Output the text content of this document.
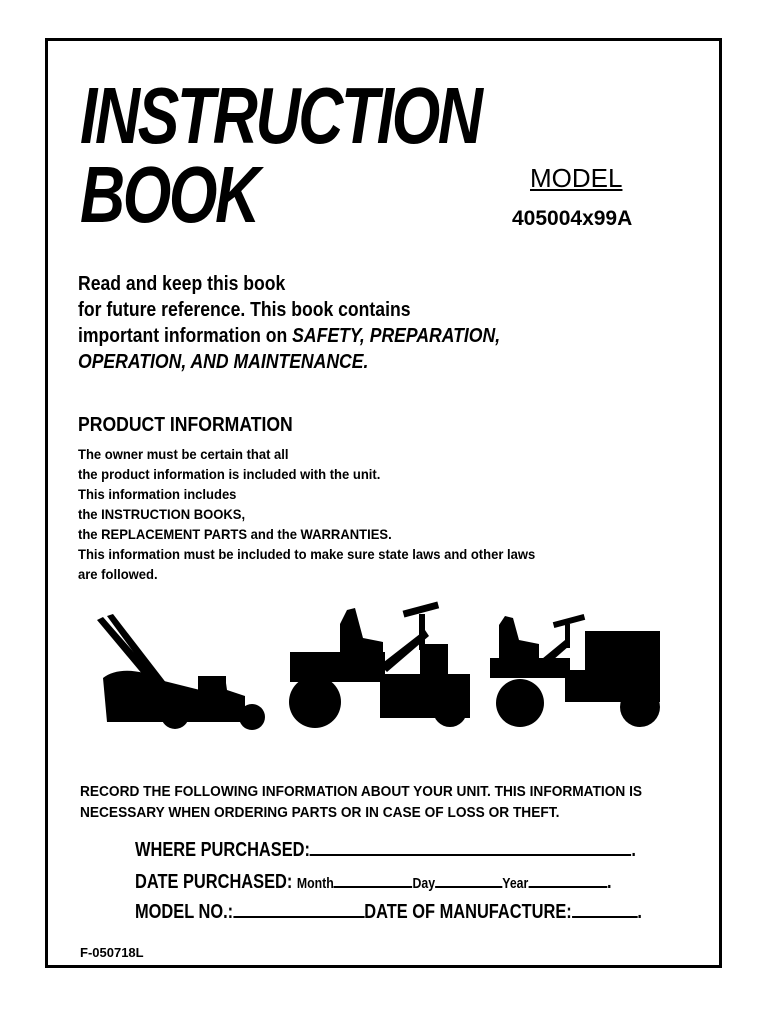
INSTRUCTION
BOOK	MODEL
405004x99A
Read and keep this book
for future reference. This book contains
important information on SAFETY, PREPARATION,
OPERATION, AND MAINTENANCE.
PRODUCT INFORMATION
The owner must be certain that all
the product information is included with the unit.
This information includes
the INSTRUCTION BOOKS,
the REPLACEMENT PARTS and the WARRANTIES.
This information must be included to make sure state laws and other laws
are followed.
RECORD THE FOLLOWING INFORMATION ABOUT YOUR UNIT. THIS INFORMATION IS
NECESSARY WHEN ORDERING PARTS OR IN CASE OF LOSS OR THEFT.
WHERE PURCHASED:	.
DATE PURCHASED: Month	Day	Year	.
MODEL NO.:	DATE OF MANUFACTURE:	.
F-050718L
